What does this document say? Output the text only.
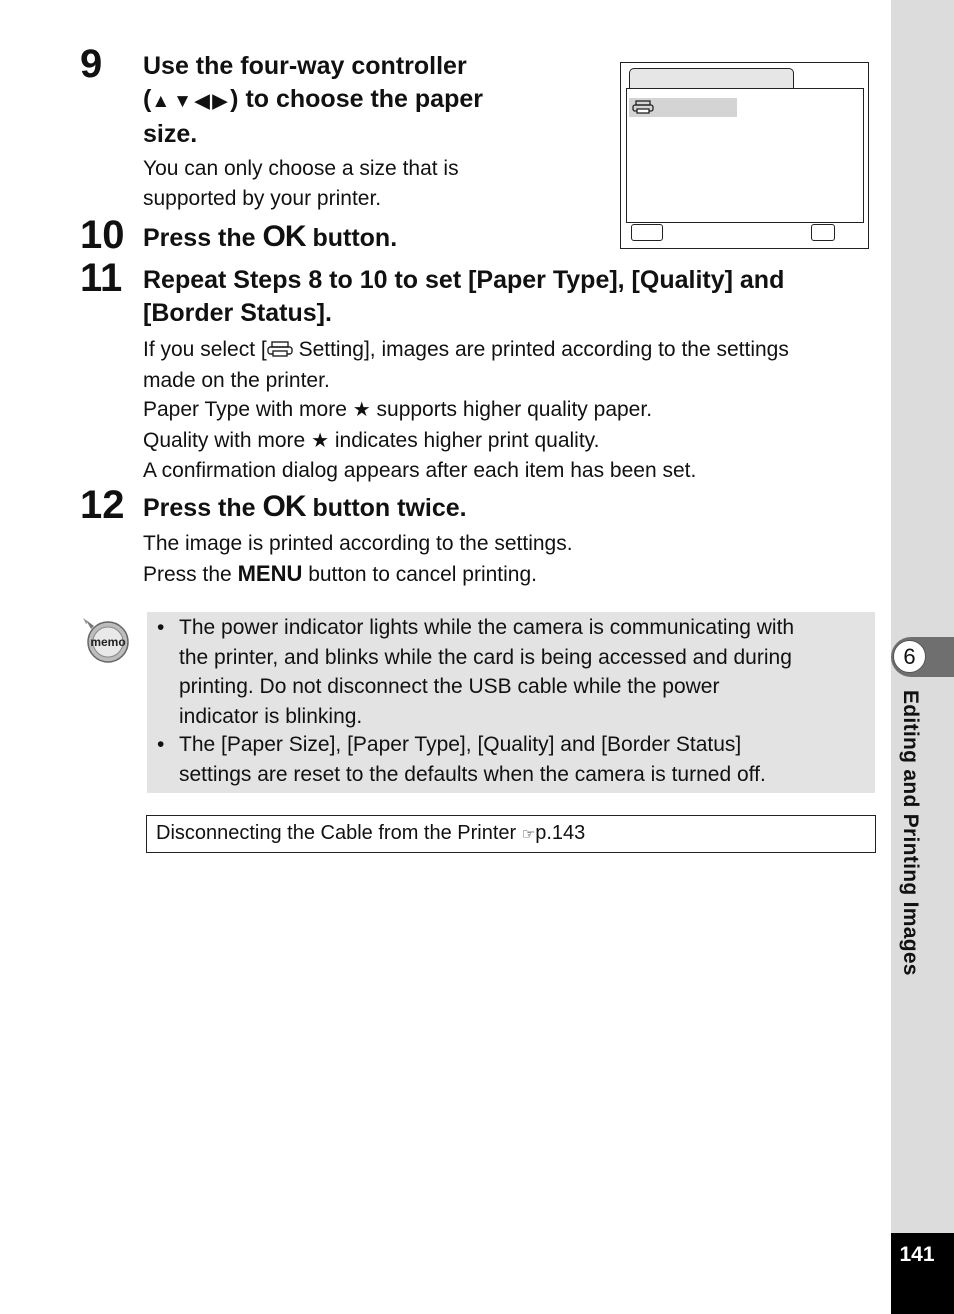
9 Use the four-way controller
(▲▼◀▶) to choose the paper
size.
You can only choose a size that is
supported by your printer.
10 Press the OK button.
11 Repeat Steps 8 to 10 to set [Paper Type], [Quality] and
[Border Status].
If you select [ Setting], images are printed according to the settings
made on the printer.
Paper Type with more ★ supports higher quality paper.
Quality with more ★ indicates higher print quality.
A confirmation dialog appears after each item has been set.
12 Press the OK button twice.
The image is printed according to the settings.
Press the MENU button to cancel printing.
memo
• The power indicator lights while the camera is communicating with
the printer, and blinks while the card is being accessed and during
printing. Do not disconnect the USB cable while the power
indicator is blinking.
• The [Paper Size], [Paper Type], [Quality] and [Border Status]
settings are reset to the defaults when the camera is turned off.
Disconnecting the Cable from the Printer ☞p.143
6
Editing and Printing Images
141
